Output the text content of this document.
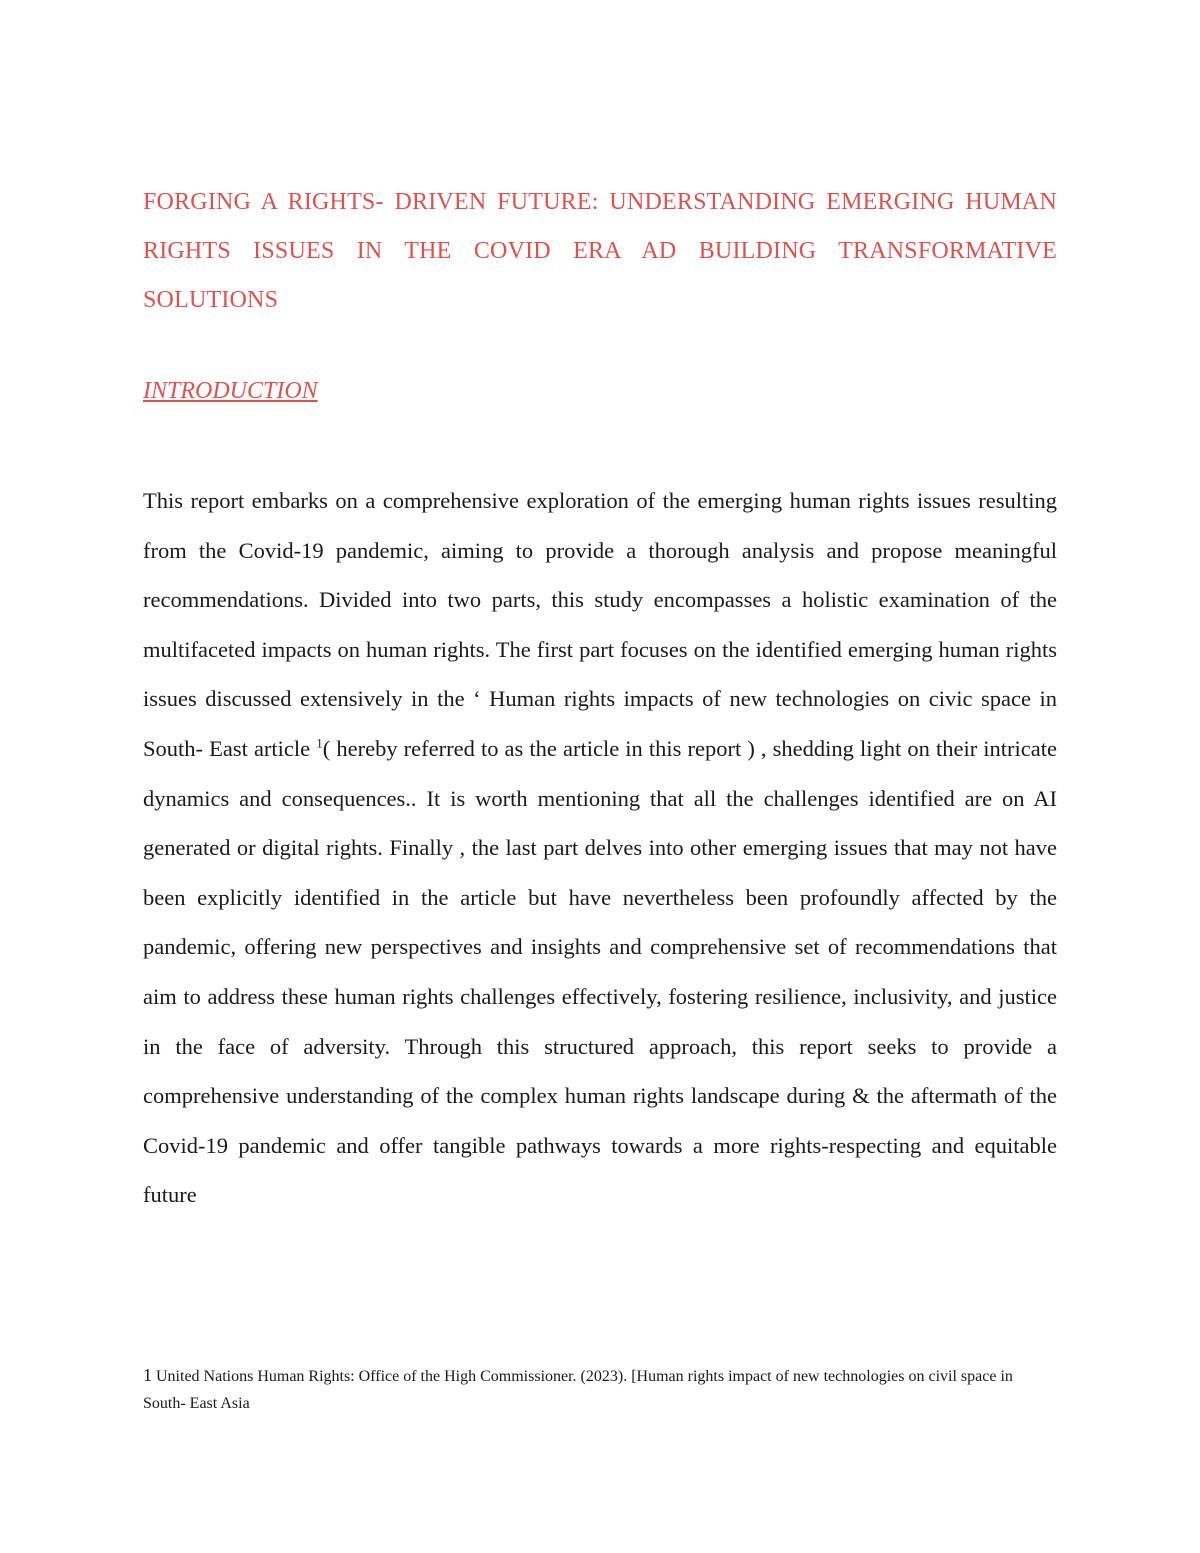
FORGING A RIGHTS- DRIVEN FUTURE: UNDERSTANDING EMERGING HUMAN RIGHTS ISSUES IN THE COVID ERA AD BUILDING TRANSFORMATIVE SOLUTIONS
INTRODUCTION

This report embarks on a comprehensive exploration of the emerging human rights issues resulting from the Covid-19 pandemic, aiming to provide a thorough analysis and propose meaningful recommendations. Divided into two parts, this study encompasses a holistic examination of the multifaceted impacts on human rights. The first part focuses on the identified emerging human rights issues discussed extensively in the ‘ Human rights impacts of new technologies on civic space in South- East article $^1$( hereby referred to as the article in this report ) , shedding light on their intricate dynamics and consequences.. It is worth mentioning that all the challenges identified are on AI generated or digital rights. Finally , the last part delves into other emerging issues that may not have been explicitly identified in the article but have nevertheless been profoundly affected by the pandemic, offering new perspectives and insights and comprehensive set of recommendations that aim to address these human rights challenges effectively, fostering resilience, inclusivity, and justice in the face of adversity. Through this structured approach, this report seeks to provide a comprehensive understanding of the complex human rights landscape during & the aftermath of the Covid-19 pandemic and offer tangible pathways towards a more rights-respecting and equitable future

1 United Nations Human Rights: Office of the High Commissioner. (2023). [Human rights impact of new technologies on civil space in South- East Asia
